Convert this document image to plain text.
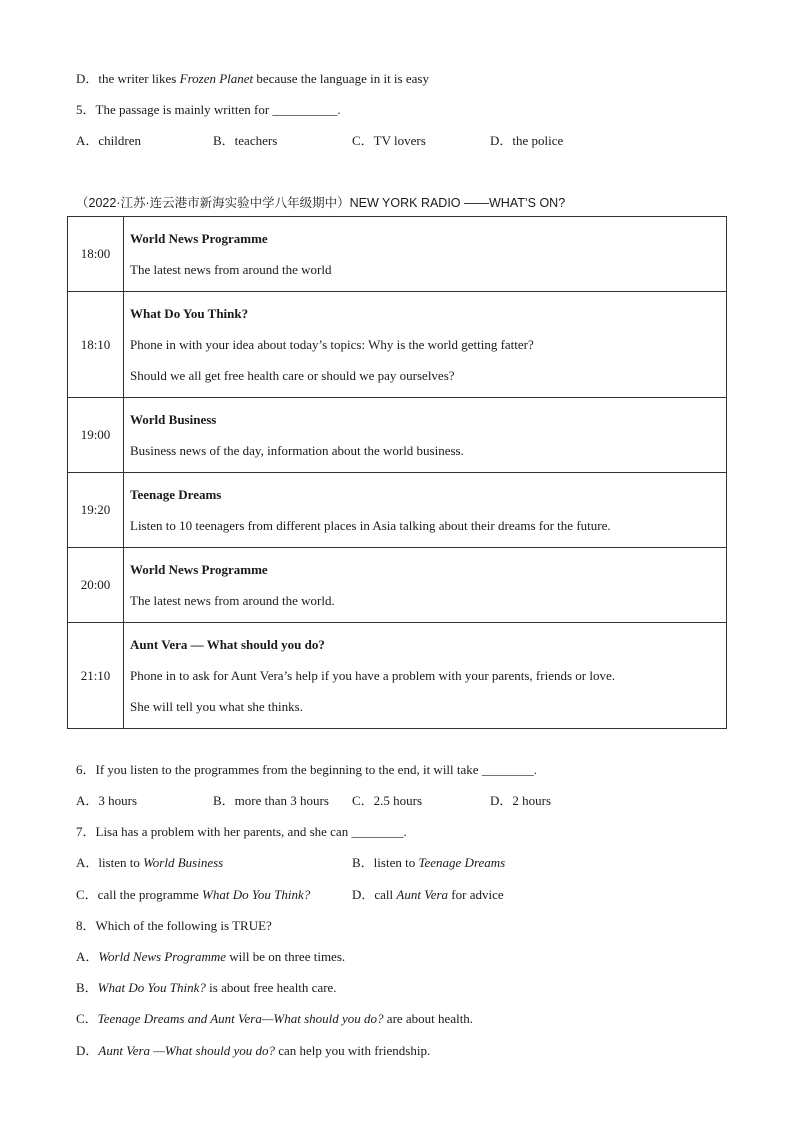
D．the writer likes Frozen Planet because the language in it is easy
5．The passage is mainly written for __________.
A．children	B．teachers	C．TV lovers	D．the police
（2022·江苏·连云港市新海实验中学八年级期中）NEW YORK RADIO ——WHAT’S ON?
18:00	World News Programme
The latest news from around the world

18:10	What Do You Think?
Phone in with your idea about today’s topics: Why is the world getting fatter?
Should we all get free health care or should we pay ourselves?

19:00	World Business
Business news of the day, information about the world business.

19:20	Teenage Dreams
Listen to 10 teenagers from different places in Asia talking about their dreams for the future.

20:00	World News Programme
The latest news from around the world.

21:10	Aunt Vera — What should you do?
Phone in to ask for Aunt Vera’s help if you have a problem with your parents, friends or love.
She will tell you what she thinks.
6．If you listen to the programmes from the beginning to the end, it will take ________.
A．3 hours	B．more than 3 hours C．2.5 hours	D．2 hours
7．Lisa has a problem with her parents, and she can ________.
A．listen to World Business	B．listen to Teenage Dreams
C．call the programme What Do You Think?	D．call Aunt Vera for advice
8．Which of the following is TRUE?
A．World News Programme will be on three times.
B．What Do You Think? is about free health care.
C．Teenage Dreams and Aunt Vera—What should you do? are about health.
D．Aunt Vera —What should you do? can help you with friendship.
